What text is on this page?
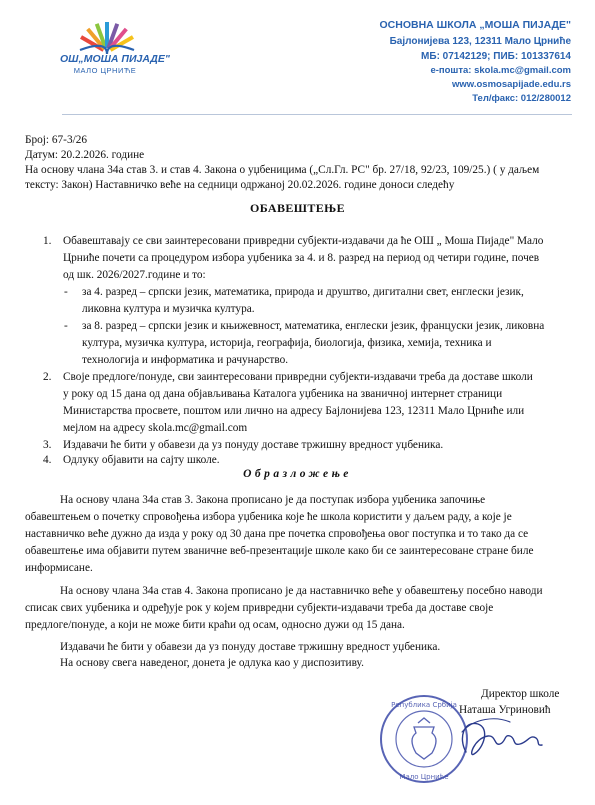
ОШ„МОША ПИЈАДЕ"
МАЛО ЦРНИЋЕ
ОСНОВНА ШКОЛА „МОША ПИЈАДЕ"
Бајлонијева 123, 12311 Мало Црниће
МБ: 07142129; ПИБ: 101337614
e-пошта: skola.mc@gmail.com
www.osmosapijade.edu.rs
Тел/факс: 012/280012
Број: 67-3/26
Датум: 20.2.2026. године
На основу члана 34а став 3. и став 4. Закона о уџбеницима („Сл.Гл. РС" бр. 27/18, 92/23, 109/25.) ( у даљем
тексту: Закон) Наставничко веће на седници одржаној 20.02.2026. године доноси следећу
ОБАВЕШТЕЊЕ
1. Обавештавају се сви заинтересовани привредни субјекти-издавачи да ће ОШ „ Моша Пијаде" Мало
Црниће почети са процедуром избора уџбеника за 4. и 8. разред на период од четири године, почев
од шк. 2026/2027.године и то:
- за 4. разред – српски језик, математика, природа и друштво, дигитални свет, енглески језик,
ликовна култура и музичка култура.
- за 8. разред – српски језик и књижевност, математика, енглески језик, француски језик, ликовна
култура, музичка култура, историја, географија, биологија, физика, хемија, техника и
технологија и информатика и рачунарство.
2. Своје предлоге/понуде, сви заинтересовани привредни субјекти-издавачи треба да доставе школи
у року од 15 дана од дана објављивања Каталога уџбеника на званичној интернет страници
Министарства просвете, поштом или лично на адресу Бајлонијева 123, 12311 Мало Црниће или
мејлом на адресу skola.mc@gmail.com
3. Издавачи ће бити у обавези да уз понуду доставе тржишну вредност уџбеника.
4. Одлуку објавити на сајту школе.
Образложење
На основу члана 34а став 3. Закона прописано је да поступак избора уџбеника започиње
обавештењем о почетку спровођења избора уџбеника које ће школа користити у даљем раду, а које је
наставничко веће дужно да изда у року од 30 дана пре почетка спровођења овог поступка и то тако да се
обавештење има објавити путем званичне веб-презентације школе како би се заинтересоване стране биле
информисане.
На основу члана 34а став 4. Закона прописано је да наставничко веће у обавештењу посебно наводи
списак свих уџбеника и одређује рок у којем привредни субјекти-издавачи треба да доставе своје
предлоге/понуде, а који не може бити краћи од осам, односно дужи од 15 дана.
Издавачи ће бити у обавези да уз понуду доставе тржишну вредност уџбеника.
На основу свега наведеног, донета је одлука као у диспозитиву.
Директор школе
Наташа Угриновић
Република Србија
Мало Црниће
